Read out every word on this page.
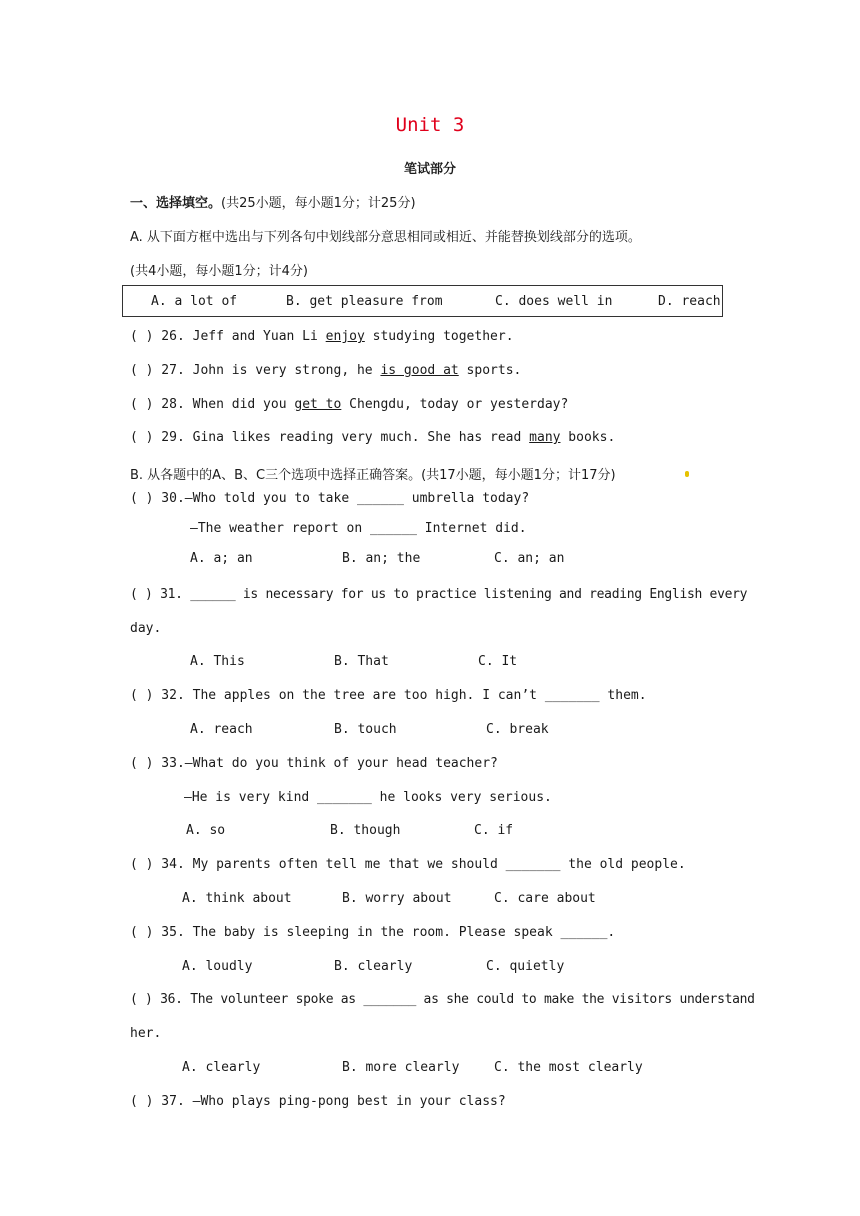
Unit 3
笔试部分
一、选择填空。(共25小题，每小题1分；计25分)
A. 从下面方框中选出与下列各句中划线部分意思相同或相近、并能替换划线部分的选项。
(共4小题，每小题1分；计4分)
A. a lot of	B. get pleasure from	C. does well in	D. reach
( ) 26. Jeff and Yuan Li enjoy studying together.
( ) 27. John is very strong, he is good at sports.
( ) 28. When did you get to Chengdu, today or yesterday?
( ) 29. Gina likes reading very much. She has read many books.
B. 从各题中的A、B、C三个选项中选择正确答案。(共17小题，每小题1分；计17分)
( ) 30.—Who told you to take ______ umbrella today?
—The weather report on ______ Internet did.
A. a; an	B. an; the	C. an; an
( ) 31. ______ is necessary for us to practice listening and reading English every
day.
A. This	B. That	C. It
( ) 32. The apples on the tree are too high. I can’t _______ them.
A. reach	B. touch	C. break
( ) 33.—What do you think of your head teacher?
—He is very kind _______ he looks very serious.
A. so	B. though	C. if
( ) 34. My parents often tell me that we should _______ the old people.
A. think about	B. worry about	C. care about
( ) 35. The baby is sleeping in the room. Please speak ______.
A. loudly	B. clearly	C. quietly
( ) 36. The volunteer spoke as _______ as she could to make the visitors understand
her.
A. clearly	B. more clearly	C. the most clearly
( ) 37. —Who plays ping-pong best in your class?
